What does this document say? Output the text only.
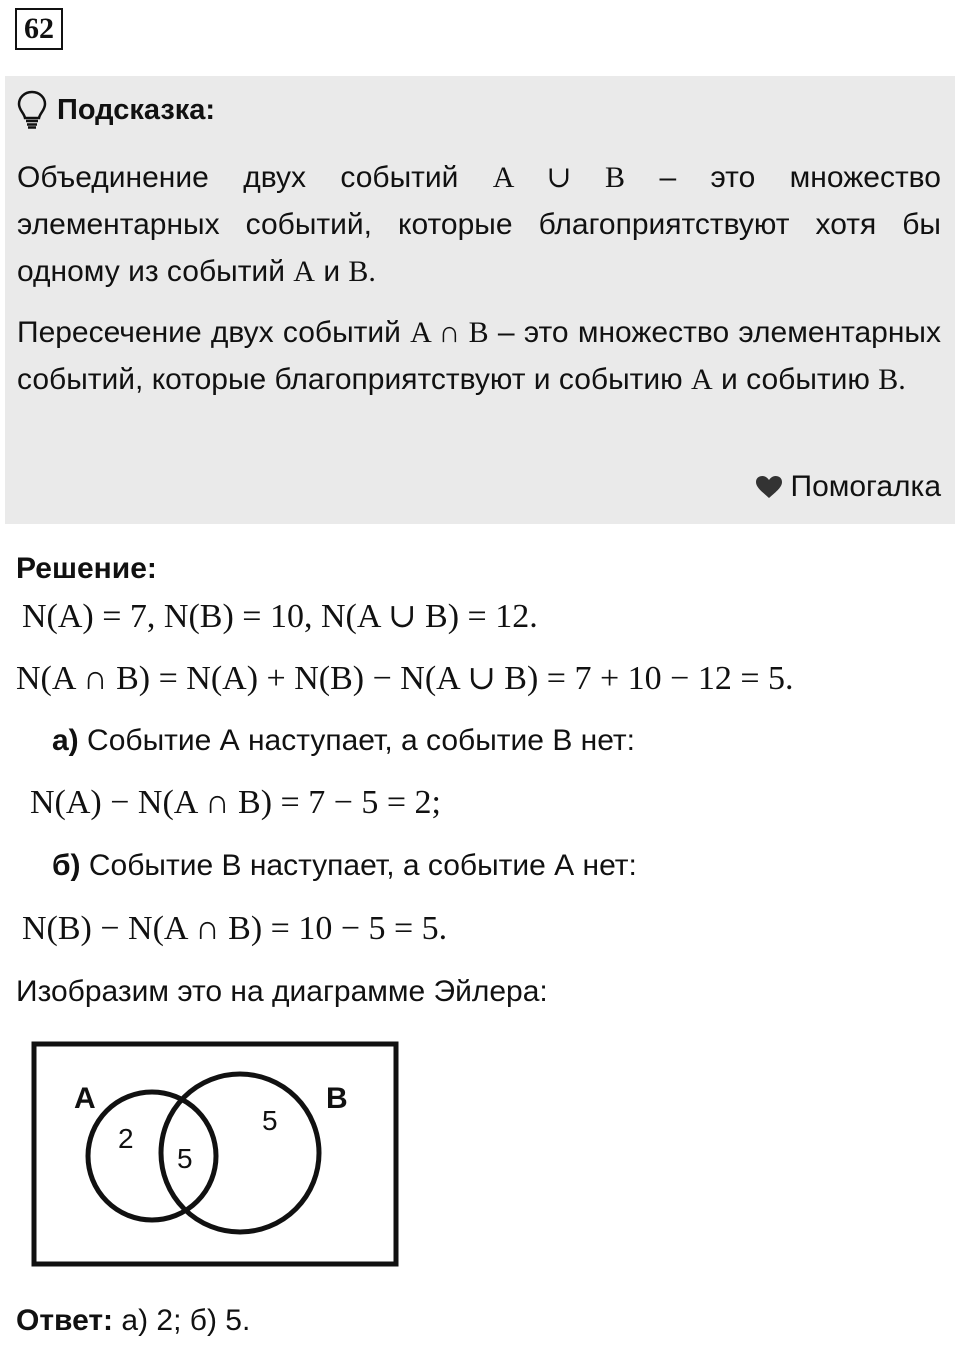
62
Подсказка:

Объединение двух событий A ∪ B – это множество элементарных событий, которые благоприятствуют хотя бы одному из событий A и B.

Пересечение двух событий A ∩ B – это множество элементарных событий, которые благоприятствуют и событию A и событию B.

Помогалка
Решение:
N(A) = 7, N(B) = 10, N(A ∪ B) = 12.
N(A ∩ B) = N(A) + N(B) − N(A ∪ B) = 7 + 10 − 12 = 5.
а) Событие А наступает, а событие В нет:
N(A) − N(A ∩ B) = 7 − 5 = 2;
б) Событие В наступает, а событие А нет:
N(B) − N(A ∩ B) = 10 − 5 = 5.
Изобразим это на диаграмме Эйлера:
A	B
2
5
5
Ответ: а) 2; б) 5.
